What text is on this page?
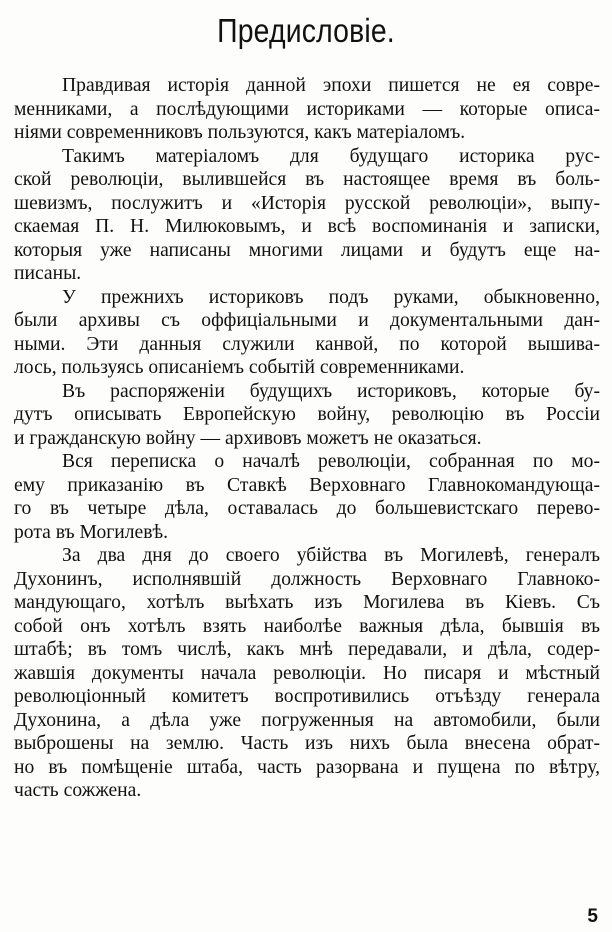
Предисловіе.
Правдивая исторія данной эпохи пишется не ея совре-
менниками, а послѣдующими историками — которые описа-
ніями современниковъ пользуются, какъ матеріаломъ.
Такимъ матеріаломъ для будущаго историка рус-
ской революціи, вылившейся въ настоящее время въ боль-
шевизмъ, послужитъ и «Исторія русской революціи», выпу-
скаемая П. Н. Милюковымъ, и всѣ воспоминанія и записки,
которыя уже написаны многими лицами и будутъ еще на-
писаны.
У прежнихъ историковъ подъ руками, обыкновенно,
были архивы съ оффиціальными и документальными дан-
ными. Эти данныя служили канвой, по которой вышива-
лось, пользуясь описаніемъ событій современниками.
Въ распоряженіи будущихъ историковъ, которые бу-
дутъ описывать Европейскую войну, революцію въ Россіи
и гражданскую войну — архивовъ можетъ не оказаться.
Вся переписка о началѣ революціи, собранная по мо-
ему приказанію въ Ставкѣ Верховнаго Главнокомандующа-
го въ четыре дѣла, оставалась до большевистскаго перево-
рота въ Могилевѣ.
За два дня до своего убійства въ Могилевѣ, генералъ
Духонинъ, исполнявшій должность Верховнаго Главноко-
мандующаго, хотѣлъ выѣхать изъ Могилева въ Кіевъ. Съ
собой онъ хотѣлъ взять наиболѣе важныя дѣла, бывшія въ
штабѣ; въ томъ числѣ, какъ мнѣ передавали, и дѣла, содер-
жавшія документы начала революціи. Но писаря и мѣстный
революціонный комитетъ воспротивились отъѣзду генерала
Духонина, а дѣла уже погруженныя на автомобили, были
выброшены на землю. Часть изъ нихъ была внесена обрат-
но въ помѣщеніе штаба, часть разорвана и пущена по вѣтру,
часть сожжена.
5
